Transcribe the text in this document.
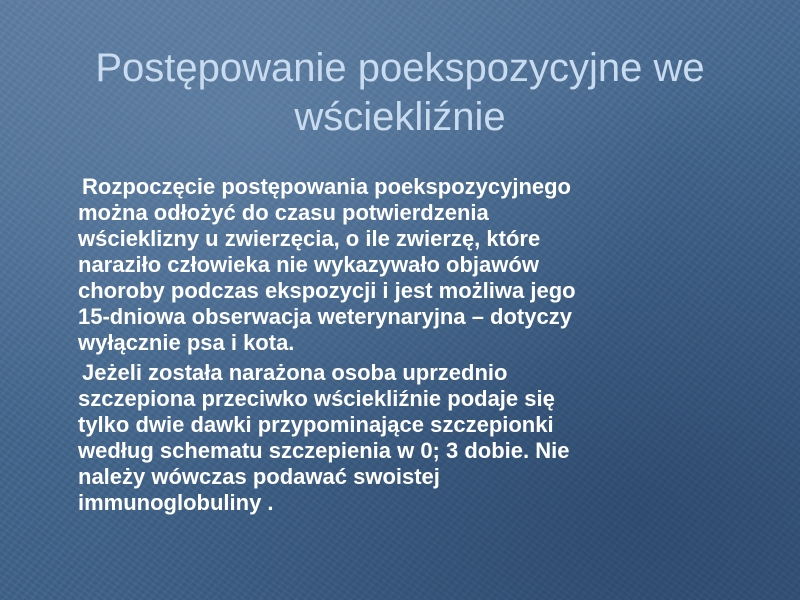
Postępowanie poekspozycyjne we
wściekliźnie

Rozpoczęcie postępowania poekspozycyjnego
można odłożyć do czasu potwierdzenia
wścieklizny u zwierzęcia, o ile zwierzę, które
naraziło człowieka nie wykazywało objawów
choroby podczas ekspozycji i jest możliwa jego
15-dniowa obserwacja weterynaryjna – dotyczy
wyłącznie psa i kota.

Jeżeli została narażona osoba uprzednio
szczepiona przeciwko wściekliźnie podaje się
tylko dwie dawki przypominające szczepionki
według schematu szczepienia w 0; 3 dobie. Nie
należy wówczas podawać swoistej
immunoglobuliny .
